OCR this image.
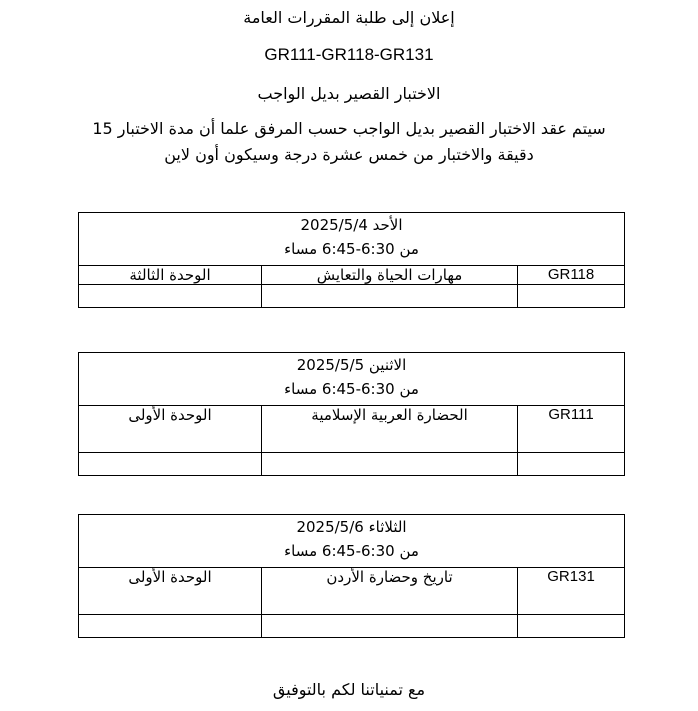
إعلان إلى طلبة المقررات العامة
GR111-GR118-GR131
الاختبار القصير بديل الواجب
سيتم عقد الاختبار القصير بديل الواجب حسب المرفق علما أن مدة الاختبار 15
دقيقة والاختبار من خمس عشرة درجة وسيكون أون لاين
الأحد 2025/5/4
من 6:30-6:45 مساء		

GR118	مهارات الحياة والتعايش	الوحدة الثالثة

الاثنين 2025/5/5
من 6:30-6:45 مساء		

GR111	الحضارة العربية الإسلامية	الوحدة الأولى

الثلاثاء 2025/5/6
من 6:30-6:45 مساء		

GR131	تاريخ وحضارة الأردن	الوحدة الأولى

مع تمنياتنا لكم بالتوفيق
